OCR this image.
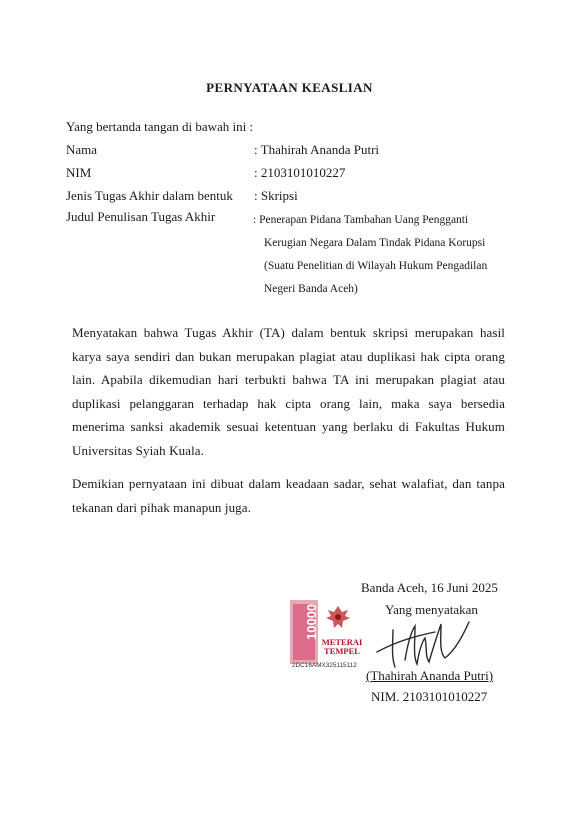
PERNYATAAN KEASLIAN
Yang bertanda tangan di bawah ini :
Nama	: Thahirah Ananda Putri
NIM	: 2103101010227
Jenis Tugas Akhir dalam bentuk : Skripsi
Judul Penulisan Tugas Akhir	: Penerapan Pidana Tambahan Uang Pengganti
Kerugian Negara Dalam Tindak Pidana Korupsi
(Suatu Penelitian di Wilayah Hukum Pengadilan
Negeri Banda Aceh)
Menyatakan bahwa Tugas Akhir (TA) dalam bentuk skripsi merupakan hasil karya saya sendiri dan bukan merupakan plagiat atau duplikasi hak cipta orang lain. Apabila dikemudian hari terbukti bahwa TA ini merupakan plagiat atau duplikasi pelanggaran terhadap hak cipta orang lain, maka saya bersedia menerima sanksi akademik sesuai ketentuan yang berlaku di Fakultas Hukum Universitas Syiah Kuala.
Demikian pernyataan ini dibuat dalam keadaan sadar, sehat walafiat, dan tanpa tekanan dari pihak manapun juga.
Banda Aceh, 16 Juni 2025
Yang menyatakan
10000
METERAI
TEMPEL
2DC16AMX325115112
(Thahirah Ananda Putri)
NIM. 2103101010227
